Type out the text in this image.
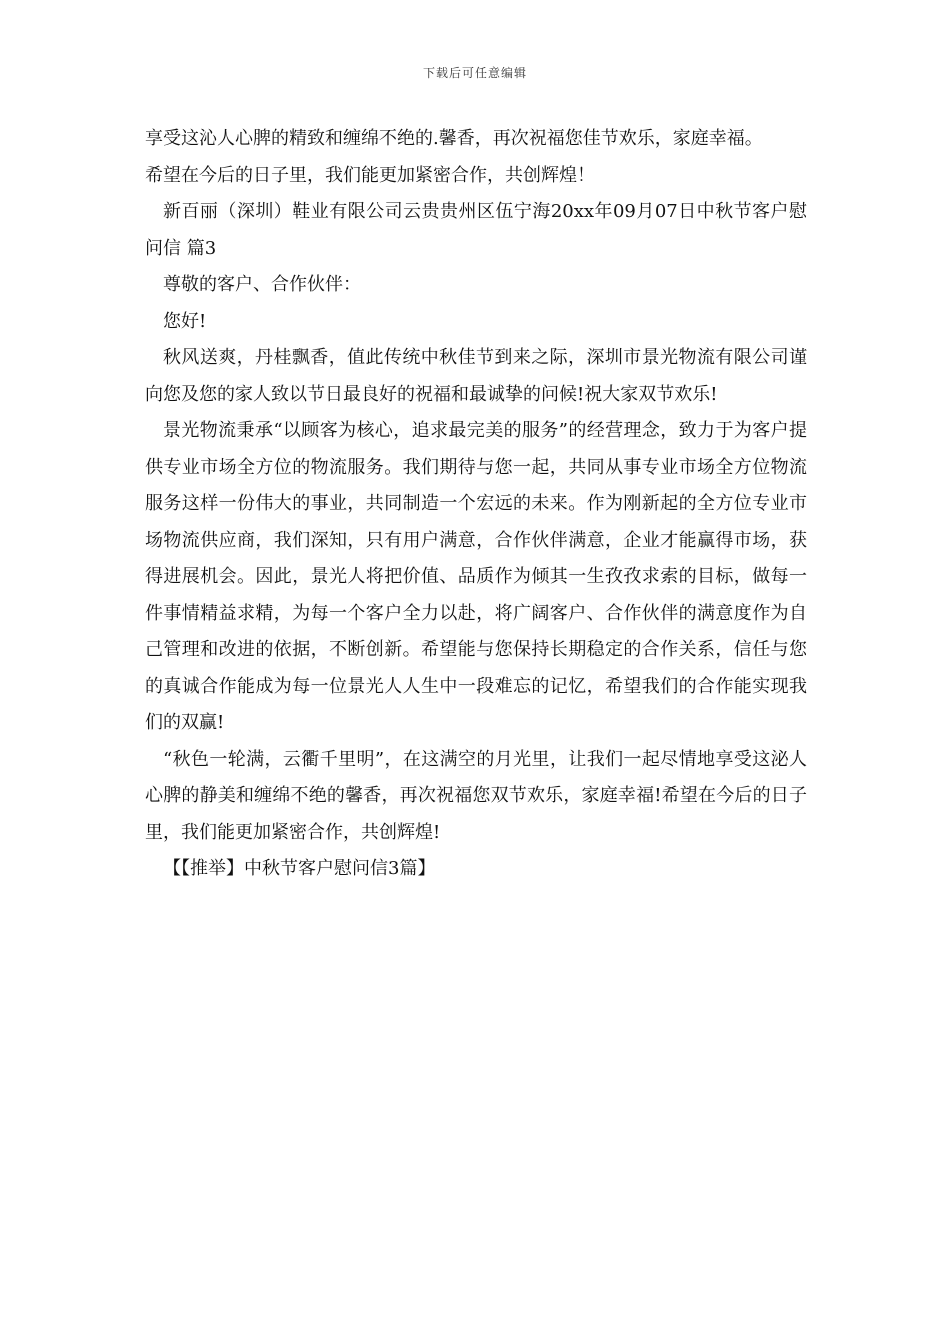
下载后可任意编辑

享受这沁人心脾的精致和缠绵不绝的.馨香，再次祝福您佳节欢乐，家庭幸福。

希望在今后的日子里，我们能更加紧密合作，共创辉煌！

新百丽（深圳）鞋业有限公司云贵贵州区伍宁海20xx年09月07日中秋节客户慰问信 篇3

尊敬的客户、合作伙伴：

您好!

秋风送爽，丹桂飘香，值此传统中秋佳节到来之际，深圳市景光物流有限公司谨向您及您的家人致以节日最良好的祝福和最诚挚的问候!祝大家双节欢乐!

景光物流秉承“以顾客为核心，追求最完美的服务”的经营理念，致力于为客户提供专业市场全方位的物流服务。我们期待与您一起，共同从事专业市场全方位物流服务这样一份伟大的事业，共同制造一个宏远的未来。作为刚新起的全方位专业市场物流供应商，我们深知，只有用户满意，合作伙伴满意，企业才能赢得市场，获得进展机会。因此，景光人将把价值、品质作为倾其一生孜孜求索的目标，做每一件事情精益求精，为每一个客户全力以赴，将广阔客户、合作伙伴的满意度作为自己管理和改进的依据，不断创新。希望能与您保持长期稳定的合作关系，信任与您的真诚合作能成为每一位景光人人生中一段难忘的记忆，希望我们的合作能实现我们的双赢!

“秋色一轮满，云衢千里明”，在这满空的月光里，让我们一起尽情地享受这泌人心脾的静美和缠绵不绝的馨香，再次祝福您双节欢乐，家庭幸福!希望在今后的日子里，我们能更加紧密合作，共创辉煌!

【【推举】中秋节客户慰问信3篇】
